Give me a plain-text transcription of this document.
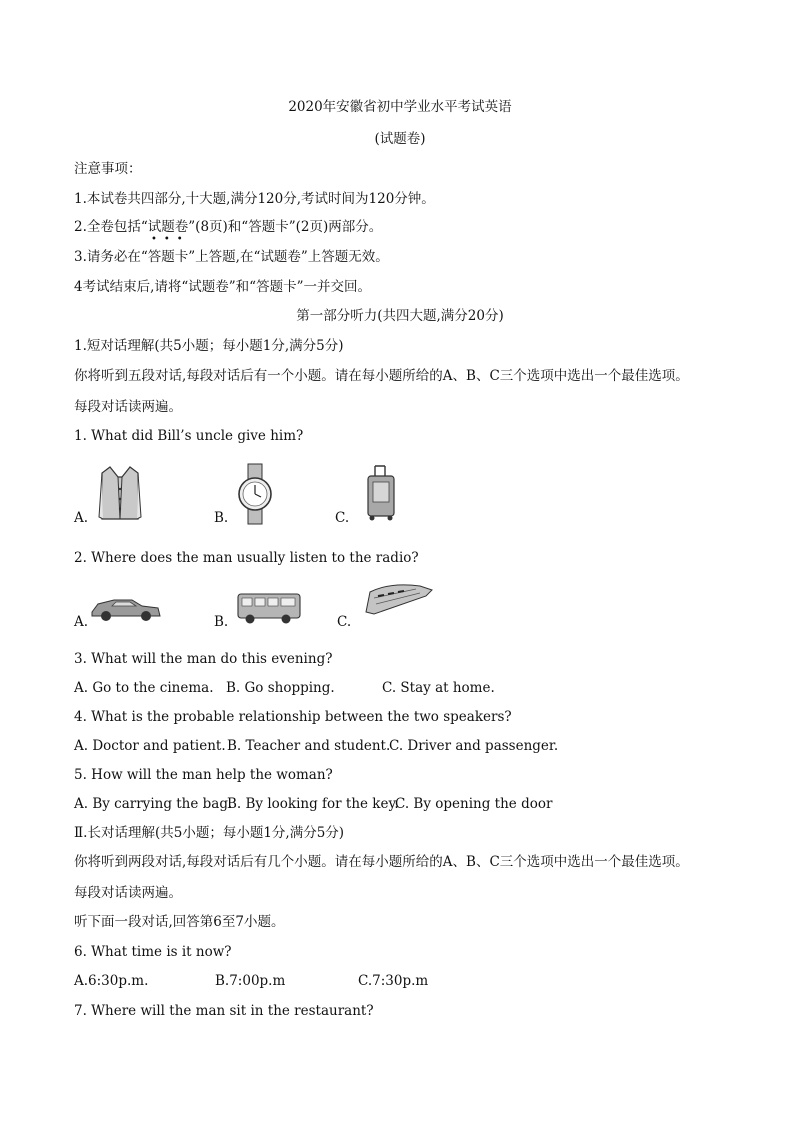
2020年安徽省初中学业水平考试英语
(试题卷)
注意事项：
1.本试卷共四部分,十大题,满分120分,考试时间为120分钟。
2.全卷包括“试题卷”(8页)和“答题卡”(2页)两部分。
•••
3.请务必在“答题卡”上答题,在“试题卷”上答题无效。
4考试结束后,请将“试题卷”和“答题卡”一并交回。
第一部分听力(共四大题,满分20分)
1.短对话理解(共5小题；每小题1分,满分5分)
你将听到五段对话,每段对话后有一个小题。请在每小题所给的A、B、C三个选项中选出一个最佳选项。
每段对话读两遍。
1. What did Bill’s uncle give him?
A.	B.	C.
2. Where does the man usually listen to the radio?
A.	B.	C.
3. What will the man do this evening?
A. Go to the cinema. B. Go shopping.	C. Stay at home.
4. What is the probable relationship between the two speakers?
A. Doctor and patient. B. Teacher and student.
C. Driver and passenger.
5. How will the man help the woman?
A. By carrying the bag.
B. By looking for the key.
C. By opening the door
Ⅱ.长对话理解(共5小题；每小题1分,满分5分)
你将听到两段对话,每段对话后有几个小题。请在每小题所给的A、B、C三个选项中选出一个最佳选项。
每段对话读两遍。
听下面一段对话,回答第6至7小题。
6. What time is it now?
A.6:30p.m.	B.7:00p.m	C.7:30p.m
7. Where will the man sit in the restaurant?
